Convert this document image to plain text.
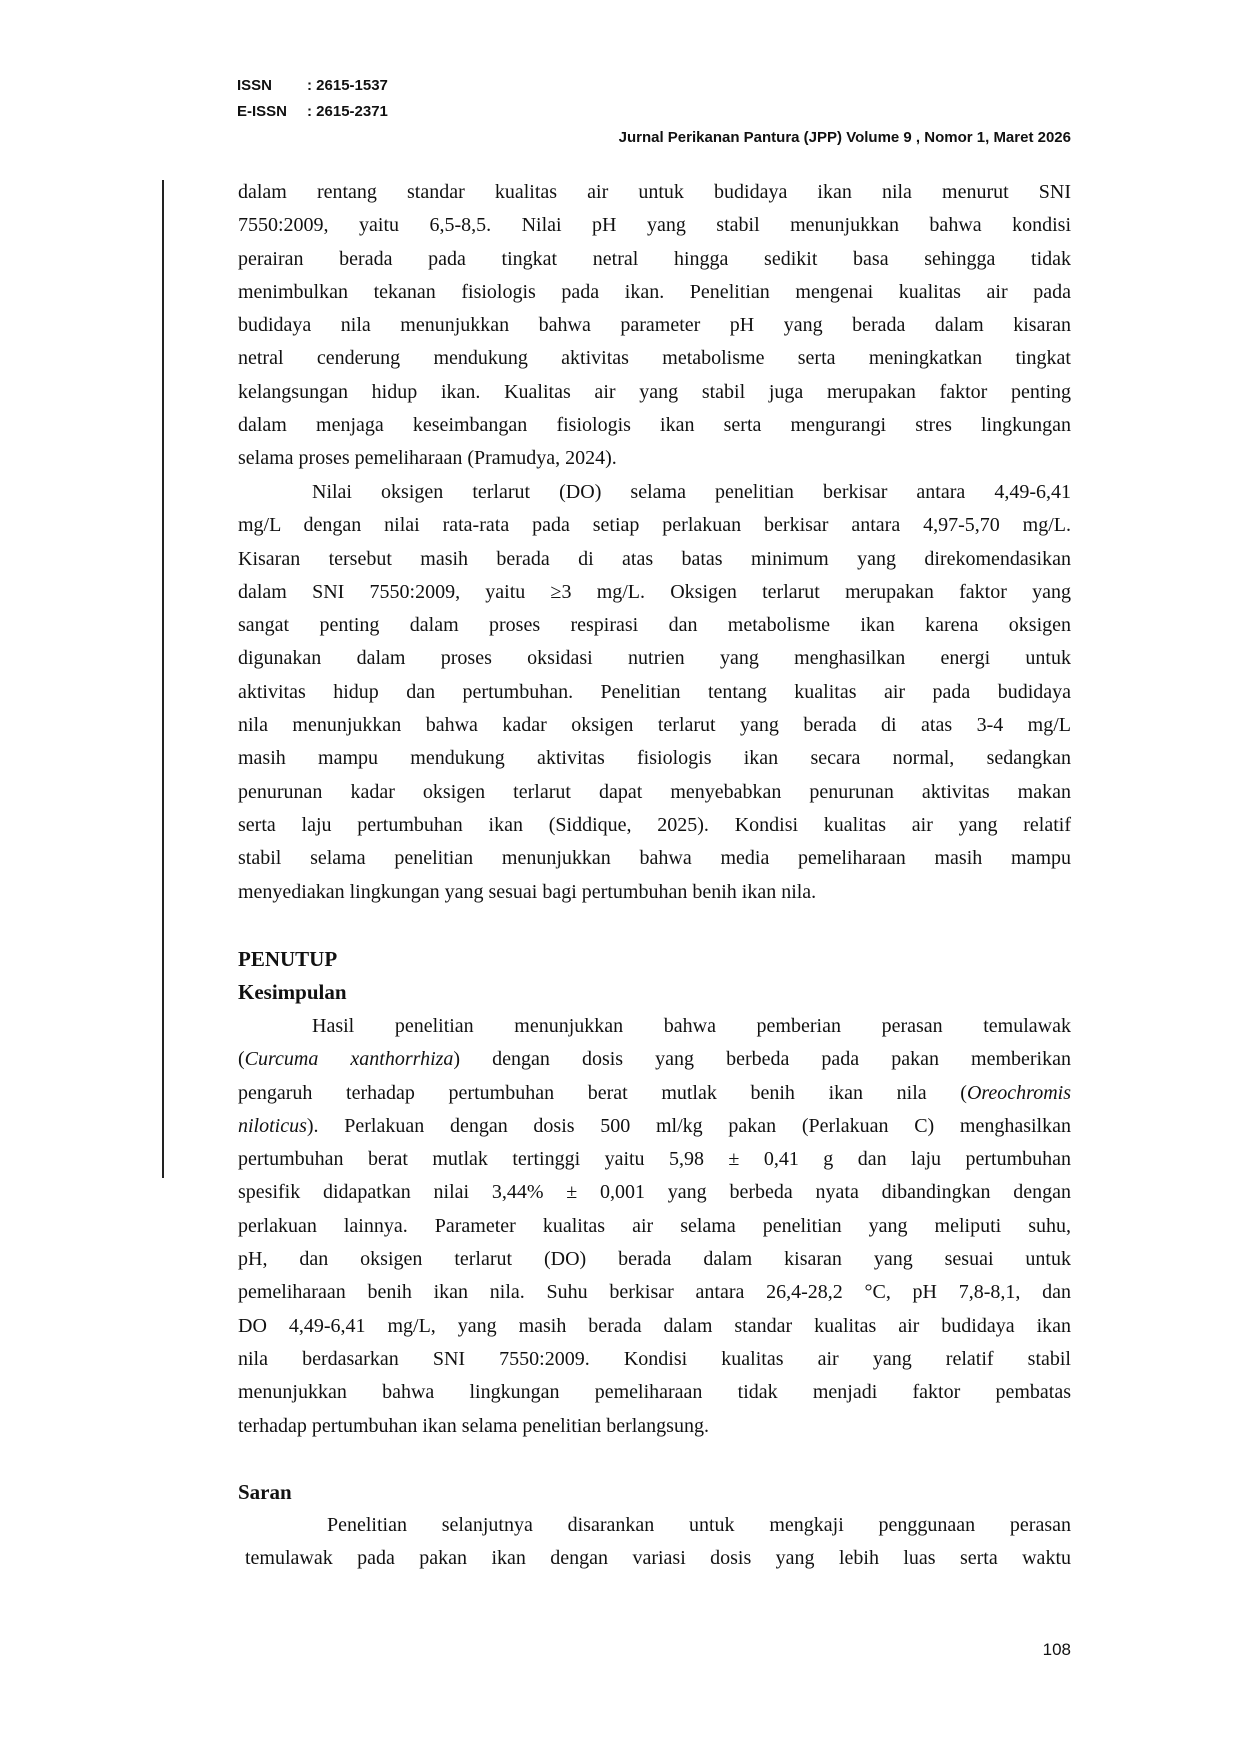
ISSN : 2615-1537
E-ISSN : 2615-2371
Jurnal Perikanan Pantura (JPP) Volume 9 , Nomor 1, Maret 2026
dalam rentang standar kualitas air untuk budidaya ikan nila menurut SNI
7550:2009, yaitu 6,5-8,5. Nilai pH yang stabil menunjukkan bahwa kondisi
perairan berada pada tingkat netral hingga sedikit basa sehingga tidak
menimbulkan tekanan fisiologis pada ikan. Penelitian mengenai kualitas air pada
budidaya nila menunjukkan bahwa parameter pH yang berada dalam kisaran
netral cenderung mendukung aktivitas metabolisme serta meningkatkan tingkat
kelangsungan hidup ikan. Kualitas air yang stabil juga merupakan faktor penting
dalam menjaga keseimbangan fisiologis ikan serta mengurangi stres lingkungan
selama proses pemeliharaan (Pramudya, 2024).
Nilai oksigen terlarut (DO) selama penelitian berkisar antara 4,49-6,41
mg/L dengan nilai rata-rata pada setiap perlakuan berkisar antara 4,97-5,70 mg/L.
Kisaran tersebut masih berada di atas batas minimum yang direkomendasikan
dalam SNI 7550:2009, yaitu ≥3 mg/L. Oksigen terlarut merupakan faktor yang
sangat penting dalam proses respirasi dan metabolisme ikan karena oksigen
digunakan dalam proses oksidasi nutrien yang menghasilkan energi untuk
aktivitas hidup dan pertumbuhan. Penelitian tentang kualitas air pada budidaya
nila menunjukkan bahwa kadar oksigen terlarut yang berada di atas 3-4 mg/L
masih mampu mendukung aktivitas fisiologis ikan secara normal, sedangkan
penurunan kadar oksigen terlarut dapat menyebabkan penurunan aktivitas makan
serta laju pertumbuhan ikan (Siddique, 2025). Kondisi kualitas air yang relatif
stabil selama penelitian menunjukkan bahwa media pemeliharaan masih mampu
menyediakan lingkungan yang sesuai bagi pertumbuhan benih ikan nila.
PENUTUP
Kesimpulan
Hasil penelitian menunjukkan bahwa pemberian perasan temulawak
(Curcuma xanthorrhiza) dengan dosis yang berbeda pada pakan memberikan
pengaruh terhadap pertumbuhan berat mutlak benih ikan nila (Oreochromis
niloticus). Perlakuan dengan dosis 500 ml/kg pakan (Perlakuan C) menghasilkan
pertumbuhan berat mutlak tertinggi yaitu 5,98 ± 0,41 g dan laju pertumbuhan
spesifik didapatkan nilai 3,44% ± 0,001 yang berbeda nyata dibandingkan dengan
perlakuan lainnya. Parameter kualitas air selama penelitian yang meliputi suhu,
pH, dan oksigen terlarut (DO) berada dalam kisaran yang sesuai untuk
pemeliharaan benih ikan nila. Suhu berkisar antara 26,4-28,2 °C, pH 7,8-8,1, dan
DO 4,49-6,41 mg/L, yang masih berada dalam standar kualitas air budidaya ikan
nila berdasarkan SNI 7550:2009. Kondisi kualitas air yang relatif stabil
menunjukkan bahwa lingkungan pemeliharaan tidak menjadi faktor pembatas
terhadap pertumbuhan ikan selama penelitian berlangsung.
Saran
Penelitian selanjutnya disarankan untuk mengkaji penggunaan perasan
temulawak pada pakan ikan dengan variasi dosis yang lebih luas serta waktu
108
